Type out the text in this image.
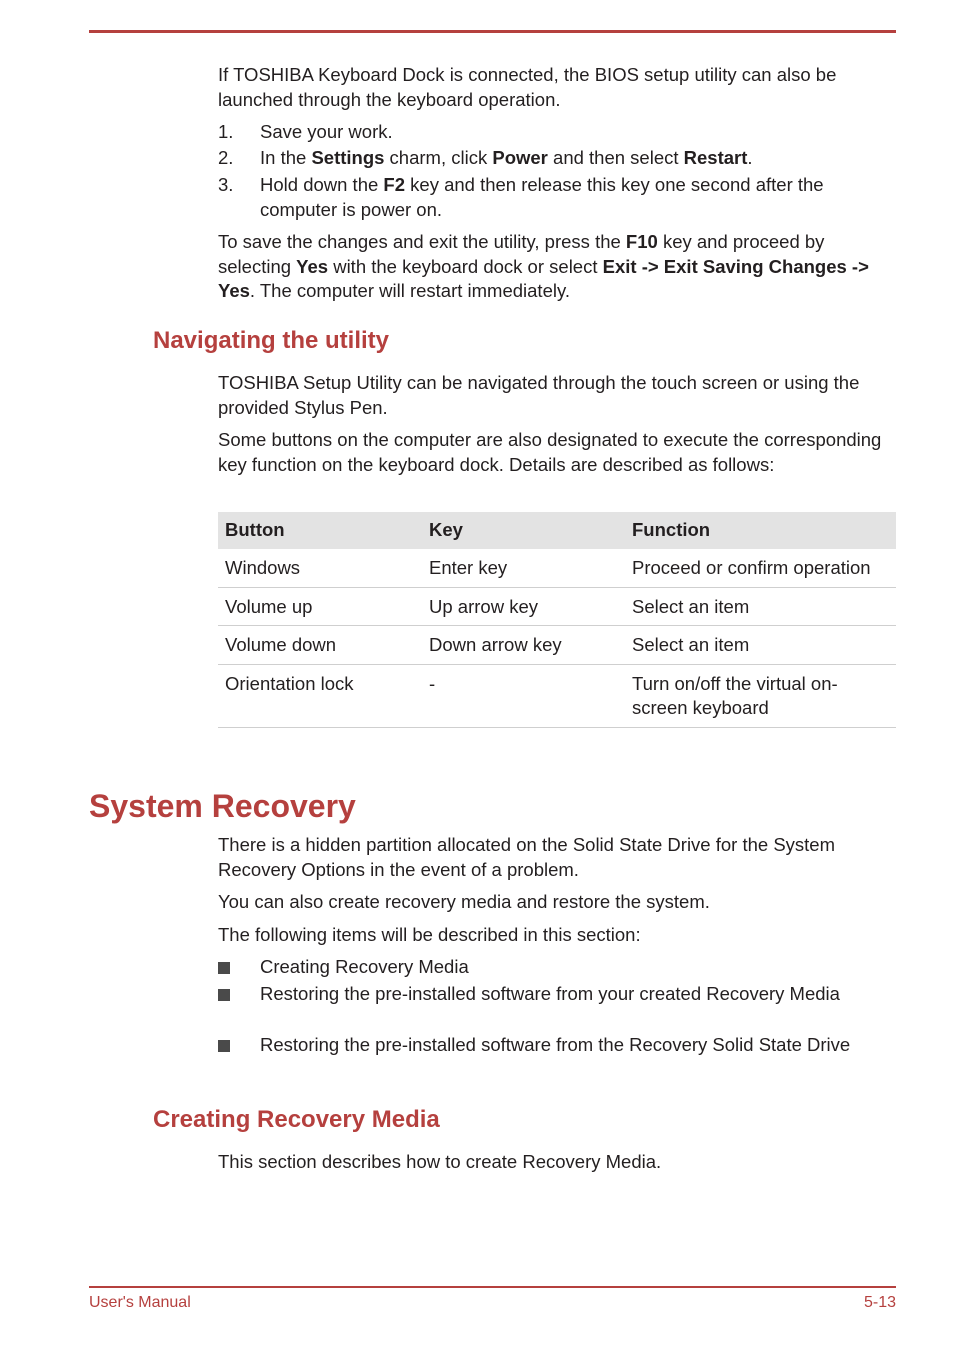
If TOSHIBA Keyboard Dock is connected, the BIOS setup utility can also be launched through the keyboard operation.

1. Save your work.
2. In the Settings charm, click Power and then select Restart.
3. Hold down the F2 key and then release this key one second after the computer is power on.

To save the changes and exit the utility, press the F10 key and proceed by selecting Yes with the keyboard dock or select Exit -> Exit Saving Changes -> Yes. The computer will restart immediately.

Navigating the utility

TOSHIBA Setup Utility can be navigated through the touch screen or using the provided Stylus Pen.

Some buttons on the computer are also designated to execute the corresponding key function on the keyboard dock. Details are described as follows:

Button	Key	Function
Windows	Enter key	Proceed or confirm operation
Volume up	Up arrow key	Select an item
Volume down	Down arrow key	Select an item
Orientation lock	-	Turn on/off the virtual on-screen keyboard
System Recovery

There is a hidden partition allocated on the Solid State Drive for the System Recovery Options in the event of a problem.

You can also create recovery media and restore the system.

The following items will be described in this section:

Creating Recovery Media
Restoring the pre-installed software from your created Recovery Media
Restoring the pre-installed software from the Recovery Solid State Drive
Creating Recovery Media

This section describes how to create Recovery Media.

User's Manual	5-13
